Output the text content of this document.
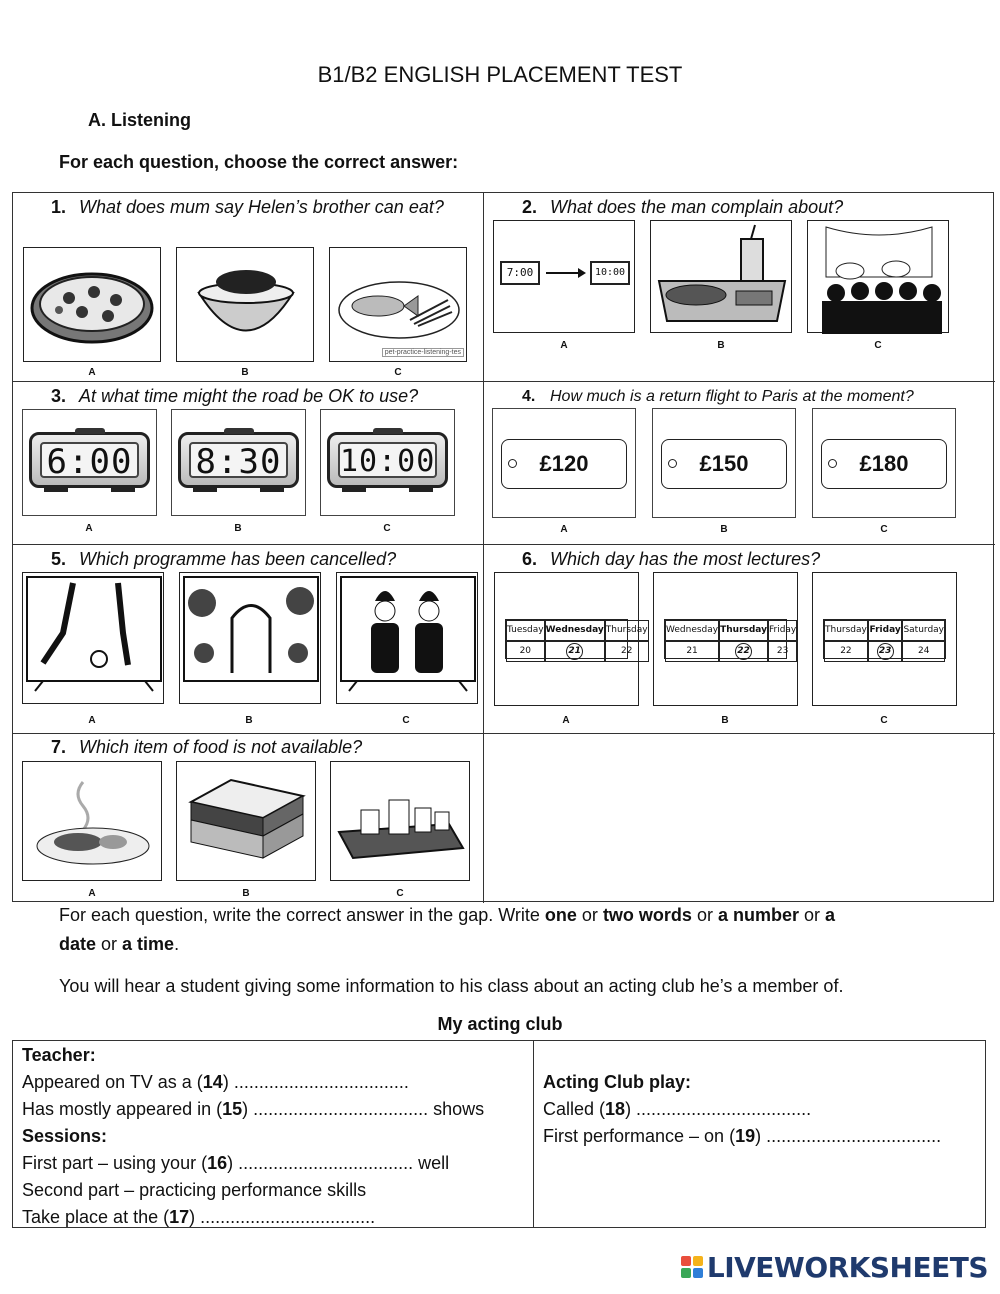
B1/B2 ENGLISH PLACEMENT TEST
A. Listening
For each question, choose the correct answer:
1. What does mum say Helen’s brother can eat?
A	B
pet-practice-listening-tes
C
2. What does the man complain about?
7:00	10:00
A	B	C
3. At what time might the road be OK to use?
6:00
A
8:30
B
10:00
C
4. How much is a return flight to Paris at the moment?
£120
A
£150
B
£180
C
5. Which programme has been cancelled?
A	B	C
6. Which day has the most lectures?
Tuesday Wednesday Thursday
20	21	22
A
Wednesday Thursday Friday
21	22	23
B
Thursday Friday Saturday
22	23	24
C
7. Which item of food is not available?
A	B	C
For each question, write the correct answer in the gap. Write one or two words or a number or a
date or a time.
You will hear a student giving some information to his class about an acting club he’s a member of.
My acting club
Teacher:
Appeared on TV as a (14) ...................................
Has mostly appeared in (15) ................................... shows
Sessions:
First part – using your (16) ................................... well
Second part – practicing performance skills
Take place at the (17) ...................................
Acting Club play:
Called (18) ...................................
First performance – on (19) ...................................
LIVEWORKSHEETS
